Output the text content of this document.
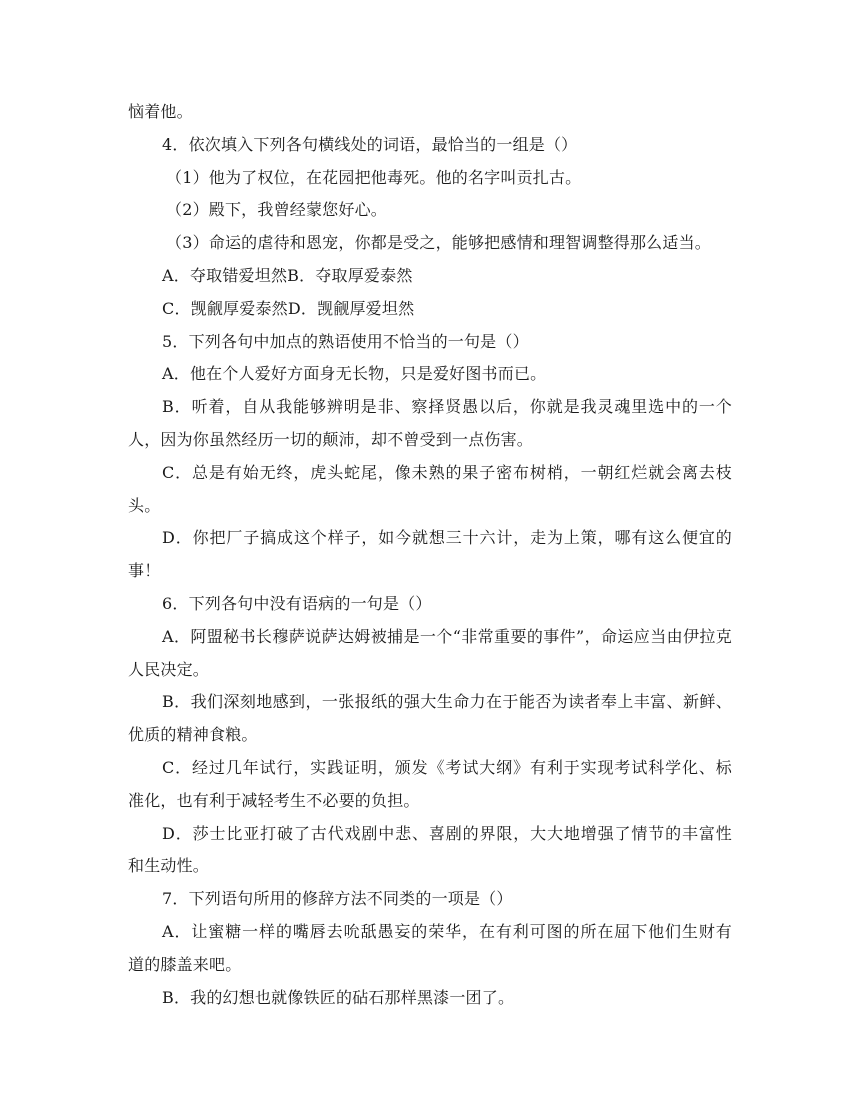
恼着他。
4．依次填入下列各句横线处的词语，最恰当的一组是（）
（1）他为了权位，在花园把他毒死。他的名字叫贡扎古。
（2）殿下，我曾经蒙您好心。
（3）命运的虐待和恩宠，你都是受之，能够把感情和理智调整得那么适当。
A．夺取错爱坦然B．夺取厚爱泰然
C．觊觎厚爱泰然D．觊觎厚爱坦然
5．下列各句中加点的熟语使用不恰当的一句是（）
A．他在个人爱好方面身无长物，只是爱好图书而已。
B．听着，自从我能够辨明是非、察择贤愚以后，你就是我灵魂里选中的一个
人，因为你虽然经历一切的颠沛，却不曾受到一点伤害。
C．总是有始无终，虎头蛇尾，像未熟的果子密布树梢，一朝红烂就会离去枝
头。
D．你把厂子搞成这个样子，如今就想三十六计，走为上策，哪有这么便宜的
事！
6．下列各句中没有语病的一句是（）
A．阿盟秘书长穆萨说萨达姆被捕是一个“非常重要的事件”，命运应当由伊拉克
人民决定。
B．我们深刻地感到，一张报纸的强大生命力在于能否为读者奉上丰富、新鲜、
优质的精神食粮。
C．经过几年试行，实践证明，颁发《考试大纲》有利于实现考试科学化、标
准化，也有利于减轻考生不必要的负担。
D．莎士比亚打破了古代戏剧中悲、喜剧的界限，大大地增强了情节的丰富性
和生动性。
7．下列语句所用的修辞方法不同类的一项是（）
A．让蜜糖一样的嘴唇去吮舐愚妄的荣华，在有利可图的所在屈下他们生财有
道的膝盖来吧。
B．我的幻想也就像铁匠的砧石那样黑漆一团了。
